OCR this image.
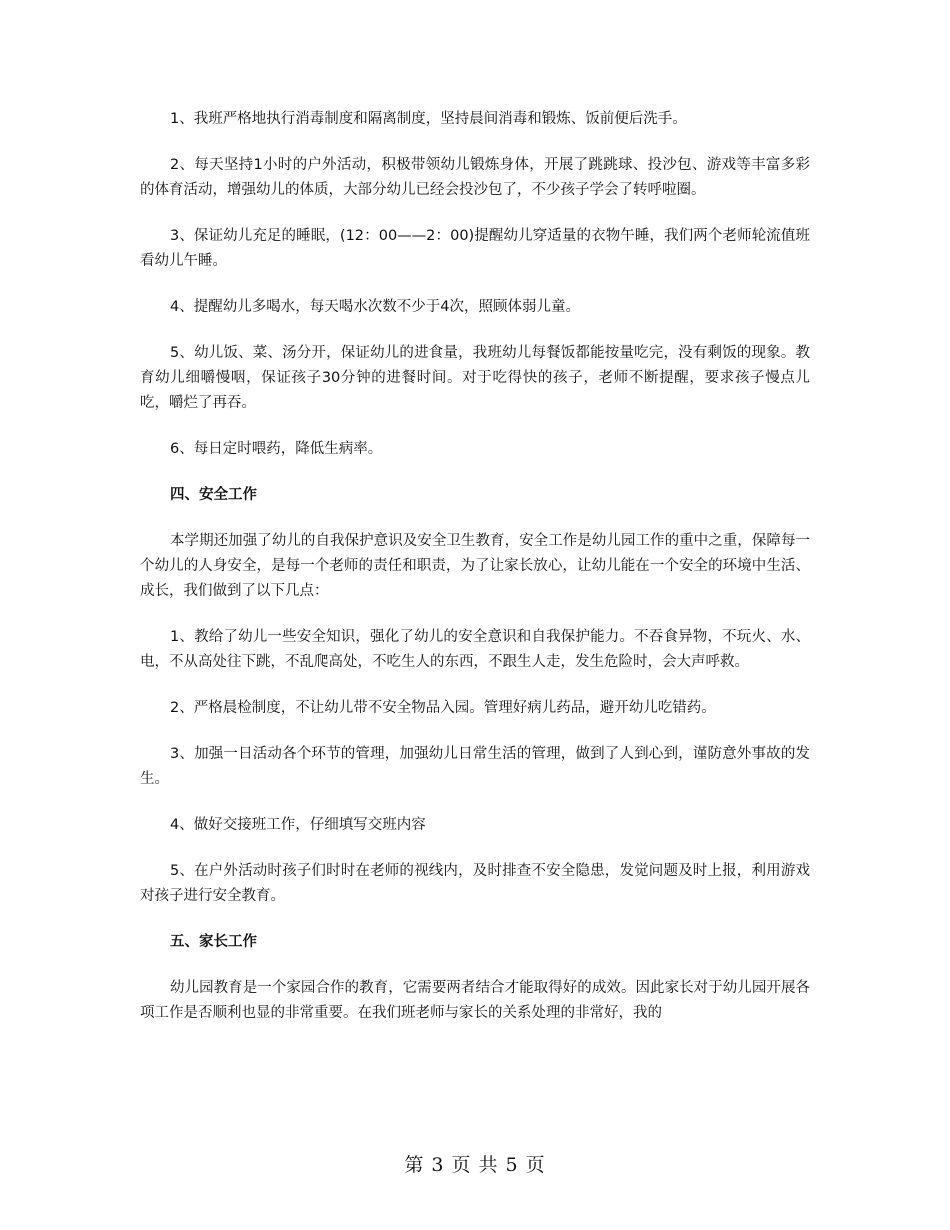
1、我班严格地执行消毒制度和隔离制度，坚持晨间消毒和锻炼、饭前便后洗手。

2、每天坚持1小时的户外活动，积极带领幼儿锻炼身体，开展了跳跳球、投沙包、游戏等丰富多彩的体育活动，增强幼儿的体质，大部分幼儿已经会投沙包了，不少孩子学会了转呼啦圈。

3、保证幼儿充足的睡眠，(12：00——2：00)提醒幼儿穿适量的衣物午睡，我们两个老师轮流值班看幼儿午睡。

4、提醒幼儿多喝水，每天喝水次数不少于4次，照顾体弱儿童。

5、幼儿饭、菜、汤分开，保证幼儿的进食量，我班幼儿每餐饭都能按量吃完，没有剩饭的现象。教育幼儿细嚼慢咽，保证孩子30分钟的进餐时间。对于吃得快的孩子，老师不断提醒，要求孩子慢点儿吃，嚼烂了再吞。

6、每日定时喂药，降低生病率。

四、安全工作

本学期还加强了幼儿的自我保护意识及安全卫生教育，安全工作是幼儿园工作的重中之重，保障每一个幼儿的人身安全，是每一个老师的责任和职责，为了让家长放心，让幼儿能在一个安全的环境中生活、成长，我们做到了以下几点：

1、教给了幼儿一些安全知识，强化了幼儿的安全意识和自我保护能力。不吞食异物，不玩火、水、电，不从高处往下跳，不乱爬高处，不吃生人的东西，不跟生人走，发生危险时，会大声呼救。

2、严格晨检制度，不让幼儿带不安全物品入园。管理好病儿药品，避开幼儿吃错药。

3、加强一日活动各个环节的管理，加强幼儿日常生活的管理，做到了人到心到，谨防意外事故的发生。

4、做好交接班工作，仔细填写交班内容

5、在户外活动时孩子们时时在老师的视线内，及时排查不安全隐患，发觉问题及时上报，利用游戏对孩子进行安全教育。

五、家长工作

幼儿园教育是一个家园合作的教育，它需要两者结合才能取得好的成效。因此家长对于幼儿园开展各项工作是否顺利也显的非常重要。在我们班老师与家长的关系处理的非常好，我的

第 3 页 共 5 页
